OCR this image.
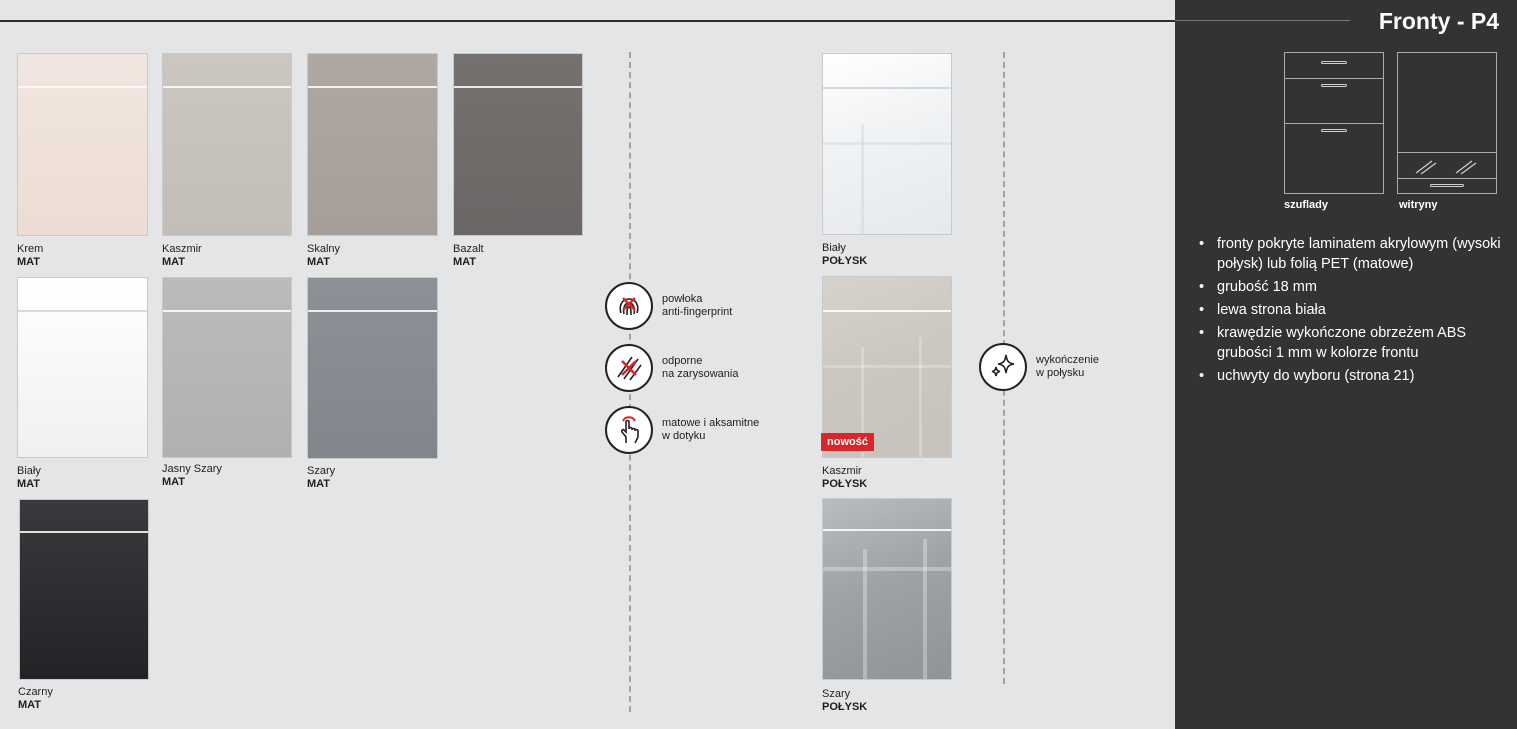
Krem
MAT
Kaszmir
MAT
Skalny
MAT
Bazalt
MAT
Biały
MAT
Jasny Szary
MAT
Szary
MAT
Czarny
MAT
powłoka
anti-fingerprint
odporne
na zarysowania
matowe i aksamitne
w dotyku
wykończenie
w połysku
Biały
POŁYSK
nowość
Kaszmir
POŁYSK
Szary
POŁYSK
Fronty - P4
szuflady	witryny
• fronty pokryte laminatem akrylowym (wysoki połysk) lub folią PET (matowe)
• grubość 18 mm
• lewa strona biała
• krawędzie wykończone obrzeżem ABS grubości 1 mm w kolorze frontu
• uchwyty do wyboru (strona 21)
